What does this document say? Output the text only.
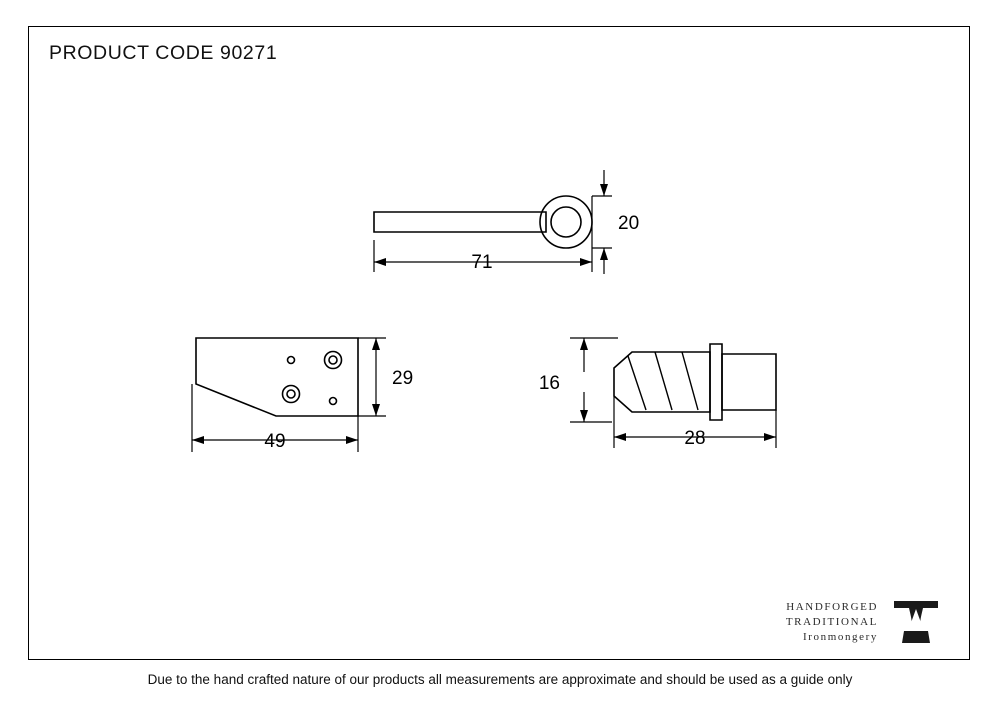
PRODUCT CODE 90271
71
20
49
29
28
16
HANDFORGED
TRADITIONAL
Ironmongery
Due to the hand crafted nature of our products all measurements are approximate and should be used as a guide only
